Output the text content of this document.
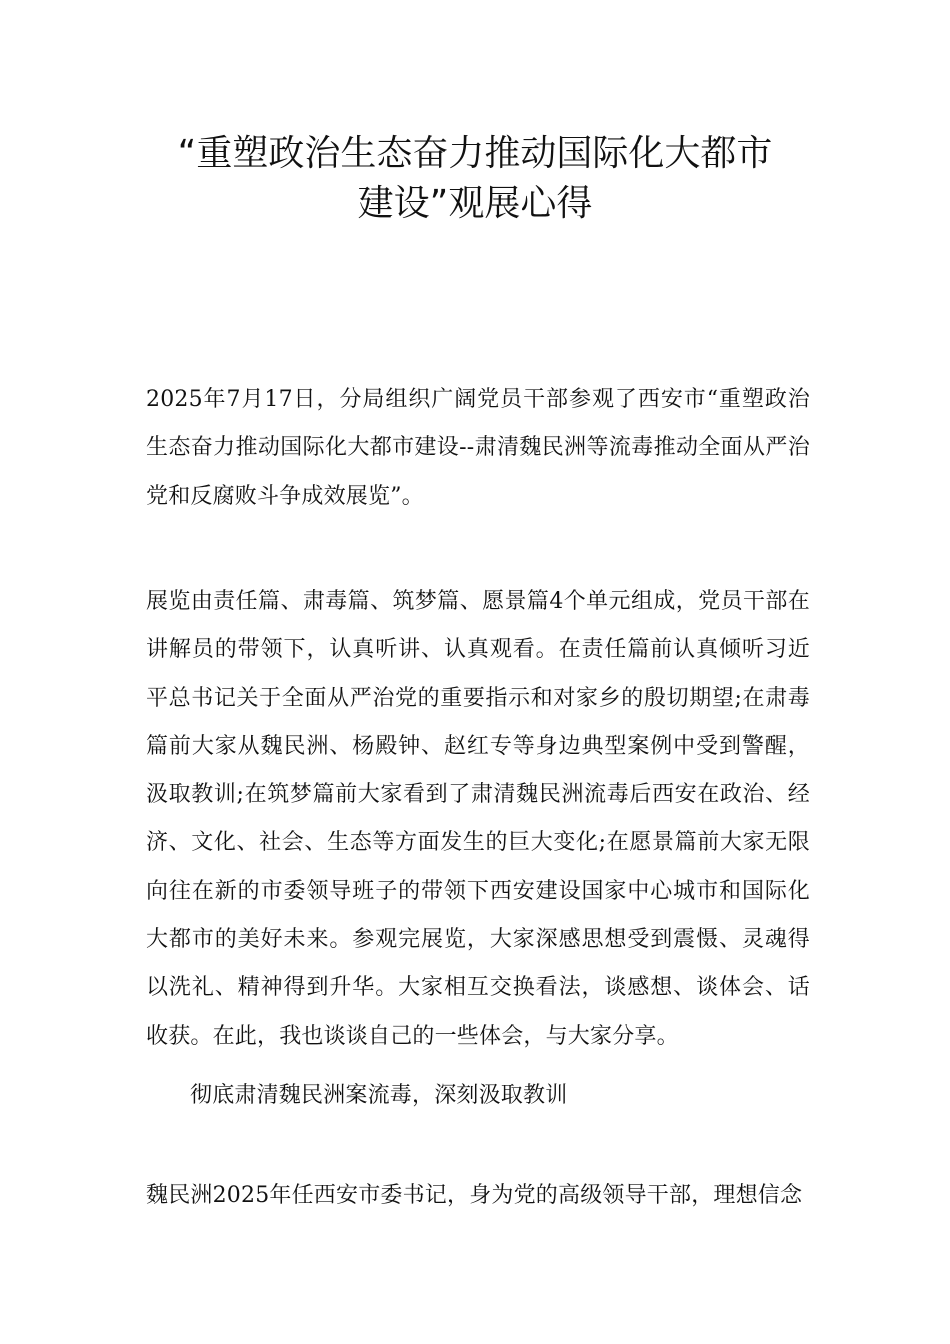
“重塑政治生态奋力推动国际化大都市
建设”观展心得

2025年7月17日，分局组织广阔党员干部参观了西安市“重塑政治生态奋力推动国际化大都市建设--肃清魏民洲等流毒推动全面从严治党和反腐败斗争成效展览”。

展览由责任篇、肃毒篇、筑梦篇、愿景篇4个单元组成，党员干部在讲解员的带领下，认真听讲、认真观看。在责任篇前认真倾听习近平总书记关于全面从严治党的重要指示和对家乡的殷切期望;在肃毒篇前大家从魏民洲、杨殿钟、赵红专等身边典型案例中受到警醒，汲取教训;在筑梦篇前大家看到了肃清魏民洲流毒后西安在政治、经济、文化、社会、生态等方面发生的巨大变化;在愿景篇前大家无限向往在新的市委领导班子的带领下西安建设国家中心城市和国际化大都市的美好未来。参观完展览，大家深感思想受到震慑、灵魂得以洗礼、精神得到升华。大家相互交换看法，谈感想、谈体会、话收获。在此，我也谈谈自己的一些体会，与大家分享。

彻底肃清魏民洲案流毒，深刻汲取教训

魏民洲2025年任西安市委书记，身为党的高级领导干部，理想信念
